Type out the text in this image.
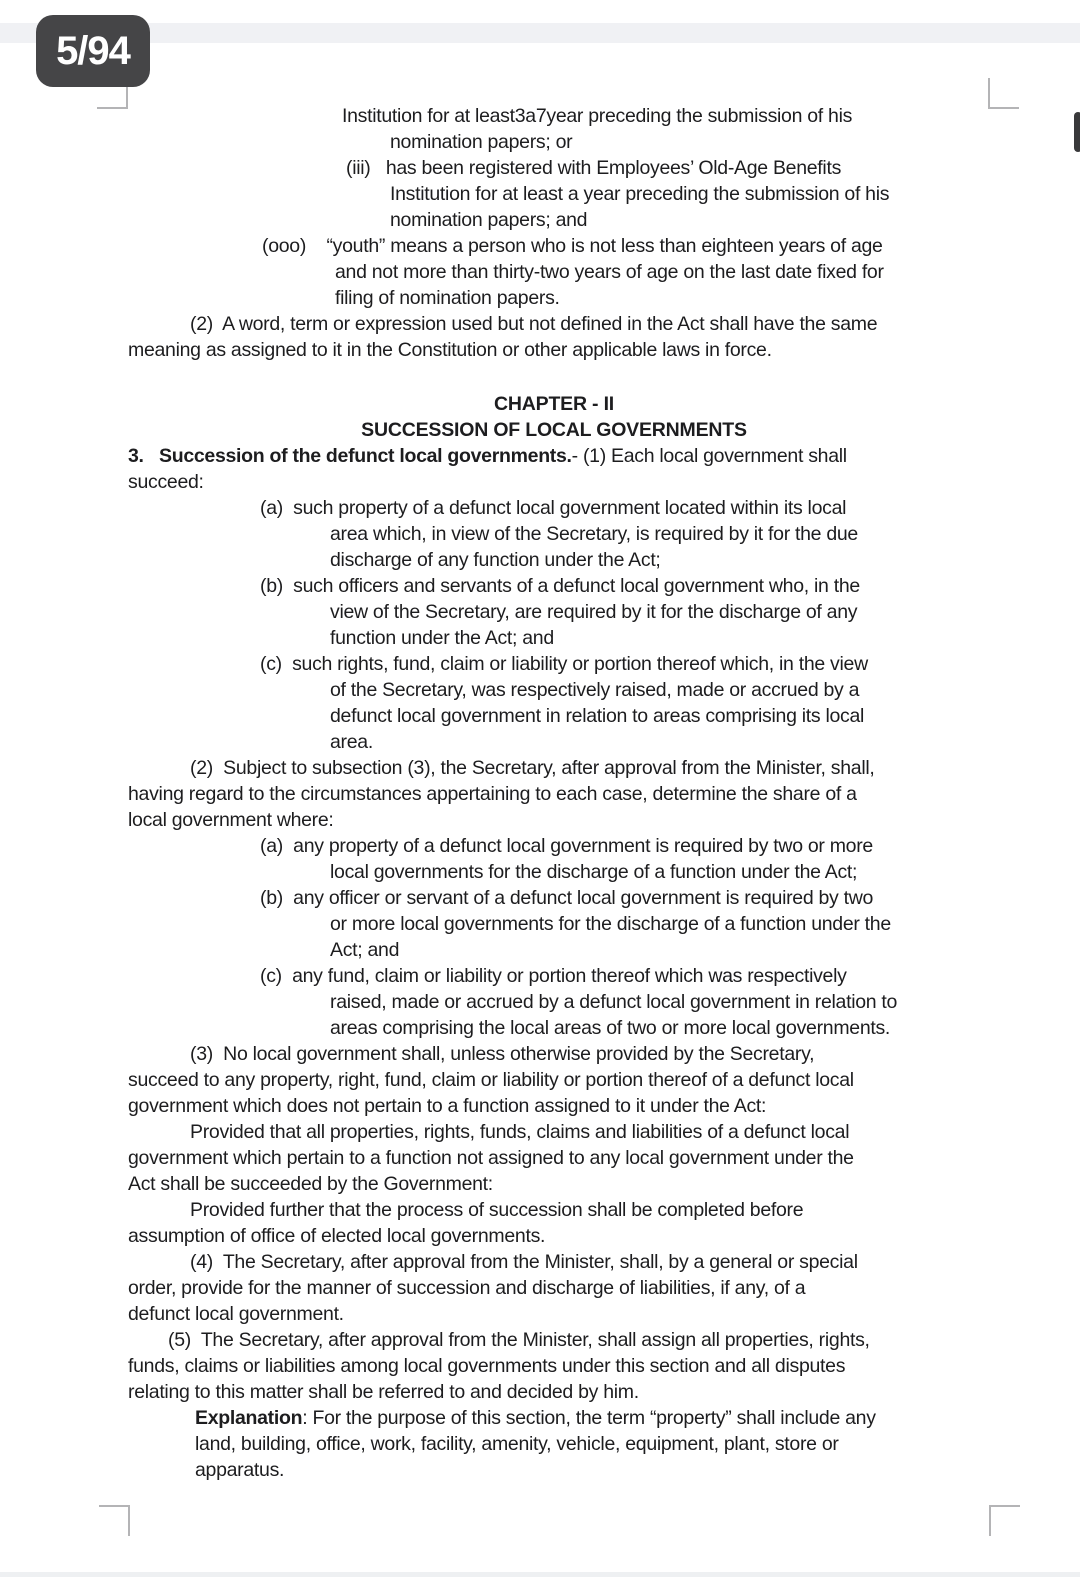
5/94
Institution for at least3a7year preceding the submission of his
nomination papers; or
(iii)   has been registered with Employees’ Old-Age Benefits
Institution for at least a year preceding the submission of his
nomination papers; and
(ooo)    “youth” means a person who is not less than eighteen years of age
and not more than thirty-two years of age on the last date fixed for
filing of nomination papers.
(2)  A word, term or expression used but not defined in the Act shall have the same
meaning as assigned to it in the Constitution or other applicable laws in force.
CHAPTER - II
SUCCESSION OF LOCAL GOVERNMENTS
3.   Succession of the defunct local governments.- (1) Each local government shall
succeed:
(a)  such property of a defunct local government located within its local
area which, in view of the Secretary, is required by it for the due
discharge of any function under the Act;
(b)  such officers and servants of a defunct local government who, in the
view of the Secretary, are required by it for the discharge of any
function under the Act; and
(c)  such rights, fund, claim or liability or portion thereof which, in the view
of the Secretary, was respectively raised, made or accrued by a
defunct local government in relation to areas comprising its local
area.
(2)  Subject to subsection (3), the Secretary, after approval from the Minister, shall,
having regard to the circumstances appertaining to each case, determine the share of a
local government where:
(a)  any property of a defunct local government is required by two or more
local governments for the discharge of a function under the Act;
(b)  any officer or servant of a defunct local government is required by two
or more local governments for the discharge of a function under the
Act; and
(c)  any fund, claim or liability or portion thereof which was respectively
raised, made or accrued by a defunct local government in relation to
areas comprising the local areas of two or more local governments.
(3)  No local government shall, unless otherwise provided by the Secretary,
succeed to any property, right, fund, claim or liability or portion thereof of a defunct local
government which does not pertain to a function assigned to it under the Act:
Provided that all properties, rights, funds, claims and liabilities of a defunct local
government which pertain to a function not assigned to any local government under the
Act shall be succeeded by the Government:
Provided further that the process of succession shall be completed before
assumption of office of elected local governments.
(4)  The Secretary, after approval from the Minister, shall, by a general or special
order, provide for the manner of succession and discharge of liabilities, if any, of a
defunct local government.
(5)  The Secretary, after approval from the Minister, shall assign all properties, rights,
funds, claims or liabilities among local governments under this section and all disputes
relating to this matter shall be referred to and decided by him.
Explanation: For the purpose of this section, the term “property” shall include any
land, building, office, work, facility, amenity, vehicle, equipment, plant, store or
apparatus.
